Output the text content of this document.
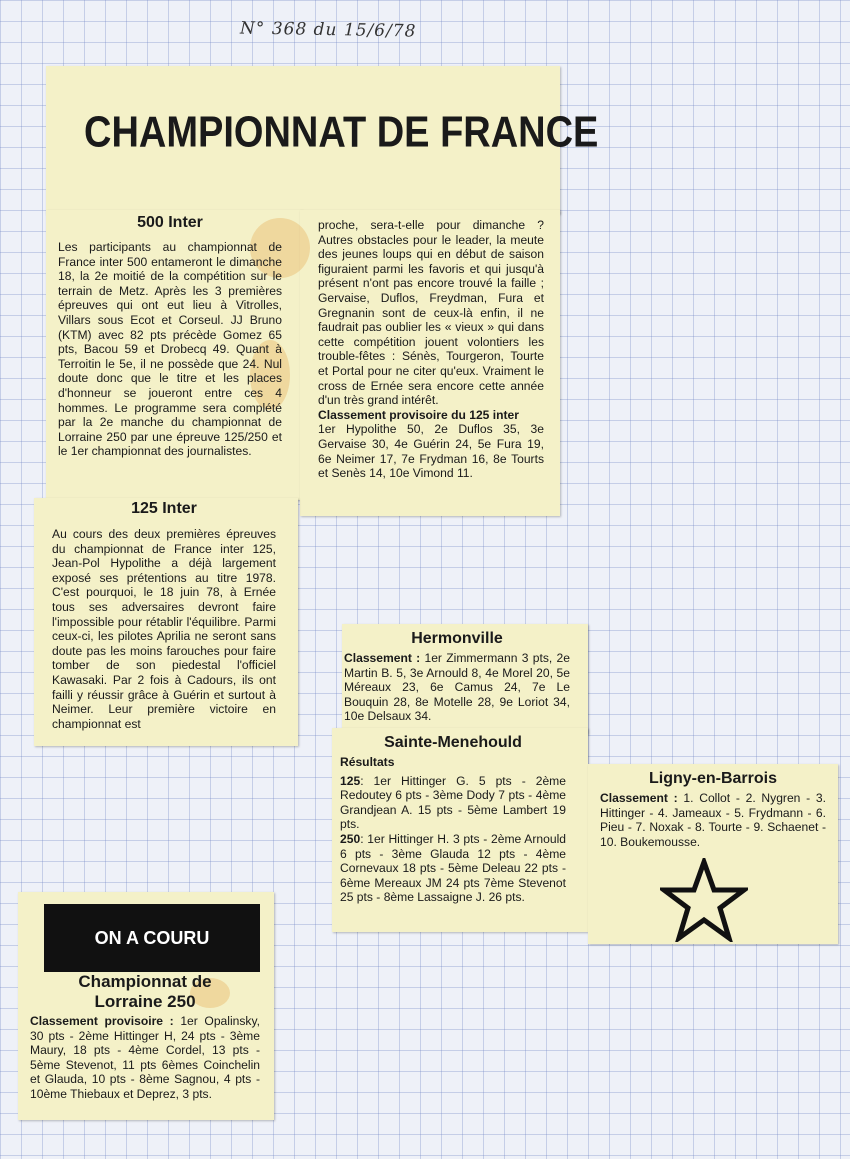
N° 368 du 15/6/78
CHAMPIONNAT DE FRANCE

500 Inter

Les participants au championnat de France inter 500 entameront le dimanche 18, la 2e moitié de la compétition sur le terrain de Metz. Après les 3 premières épreuves qui ont eut lieu à Vitrolles, Villars sous Ecot et Corseul. JJ Bruno (KTM) avec 82 pts précède Gomez 65 pts, Bacou 59 et Drobecq 49. Quant à Terroitin le 5e, il ne possède que 24. Nul doute donc que le titre et les places d'honneur se joueront entre ces 4 hommes. Le programme sera complété par la 2e manche du championnat de Lorraine 250 par une épreuve 125/250 et le 1er championnat des journalistes.

125 Inter

Au cours des deux premières épreuves du championnat de France inter 125, Jean-Pol Hypolithe a déjà largement exposé ses prétentions au titre 1978. C'est pourquoi, le 18 juin 78, à Ernée tous ses adversaires devront faire l'impossible pour rétablir l'équilibre. Parmi ceux-ci, les pilotes Aprilia ne seront sans doute pas les moins farouches pour faire tomber de son piedestal l'officiel Kawasaki. Par 2 fois à Cadours, ils ont failli y réussir grâce à Guérin et surtout à Neimer. Leur première victoire en championnat est

proche, sera-t-elle pour dimanche ? Autres obstacles pour le leader, la meute des jeunes loups qui en début de saison figuraient parmi les favoris et qui jusqu'à présent n'ont pas encore trouvé la faille ; Gervaise, Duflos, Freydman, Fura et Gregnanin sont de ceux-là enfin, il ne faudrait pas oublier les « vieux » qui dans cette compétition jouent volontiers les trouble-fêtes : Sénès, Tourgeron, Tourte et Portal pour ne citer qu'eux. Vraiment le cross de Ernée sera encore cette année d'un très grand intérêt.

Classement provisoire du 125 inter

1er Hypolithe 50, 2e Duflos 35, 3e Gervaise 30, 4e Guérin 24, 5e Fura 19, 6e Neimer 17, 7e Frydman 16, 8e Tourts et Senès 14, 10e Vimond 11.

Hermonville

Classement : 1er Zimmermann 3 pts, 2e Martin B. 5, 3e Arnould 8, 4e Morel 20, 5e Méreaux 23, 6e Camus 24, 7e Le Bouquin 28, 8e Motelle 28, 9e Loriot 34, 10e Delsaux 34.

Sainte-Menehould

Résultats

125: 1er Hittinger G. 5 pts - 2ème Redoutey 6 pts - 3ème Dody 7 pts - 4ème Grandjean A. 15 pts - 5ème Lambert 19 pts.

250: 1er Hittinger H. 3 pts - 2ème Arnould 6 pts - 3ème Glauda 12 pts - 4ème Cornevaux 18 pts - 5ème Deleau 22 pts - 6ème Mereaux JM 24 pts 7ème Stevenot 25 pts - 8ème Lassaigne J. 26 pts.

Ligny-en-Barrois

Classement : 1. Collot - 2. Nygren - 3. Hittinger - 4. Jameaux - 5. Frydmann - 6. Pieu - 7. Noxak - 8. Tourte - 9. Schaenet - 10. Boukemousse.

ON A COURU

Championnat de Lorraine 250

Classement provisoire : 1er Opalinsky, 30 pts - 2ème Hittinger H, 24 pts - 3ème Maury, 18 pts - 4ème Cordel, 13 pts - 5ème Stevenot, 11 pts 6èmes Coinchelin et Glauda, 10 pts - 8ème Sagnou, 4 pts - 10ème Thiebaux et Deprez, 3 pts.
